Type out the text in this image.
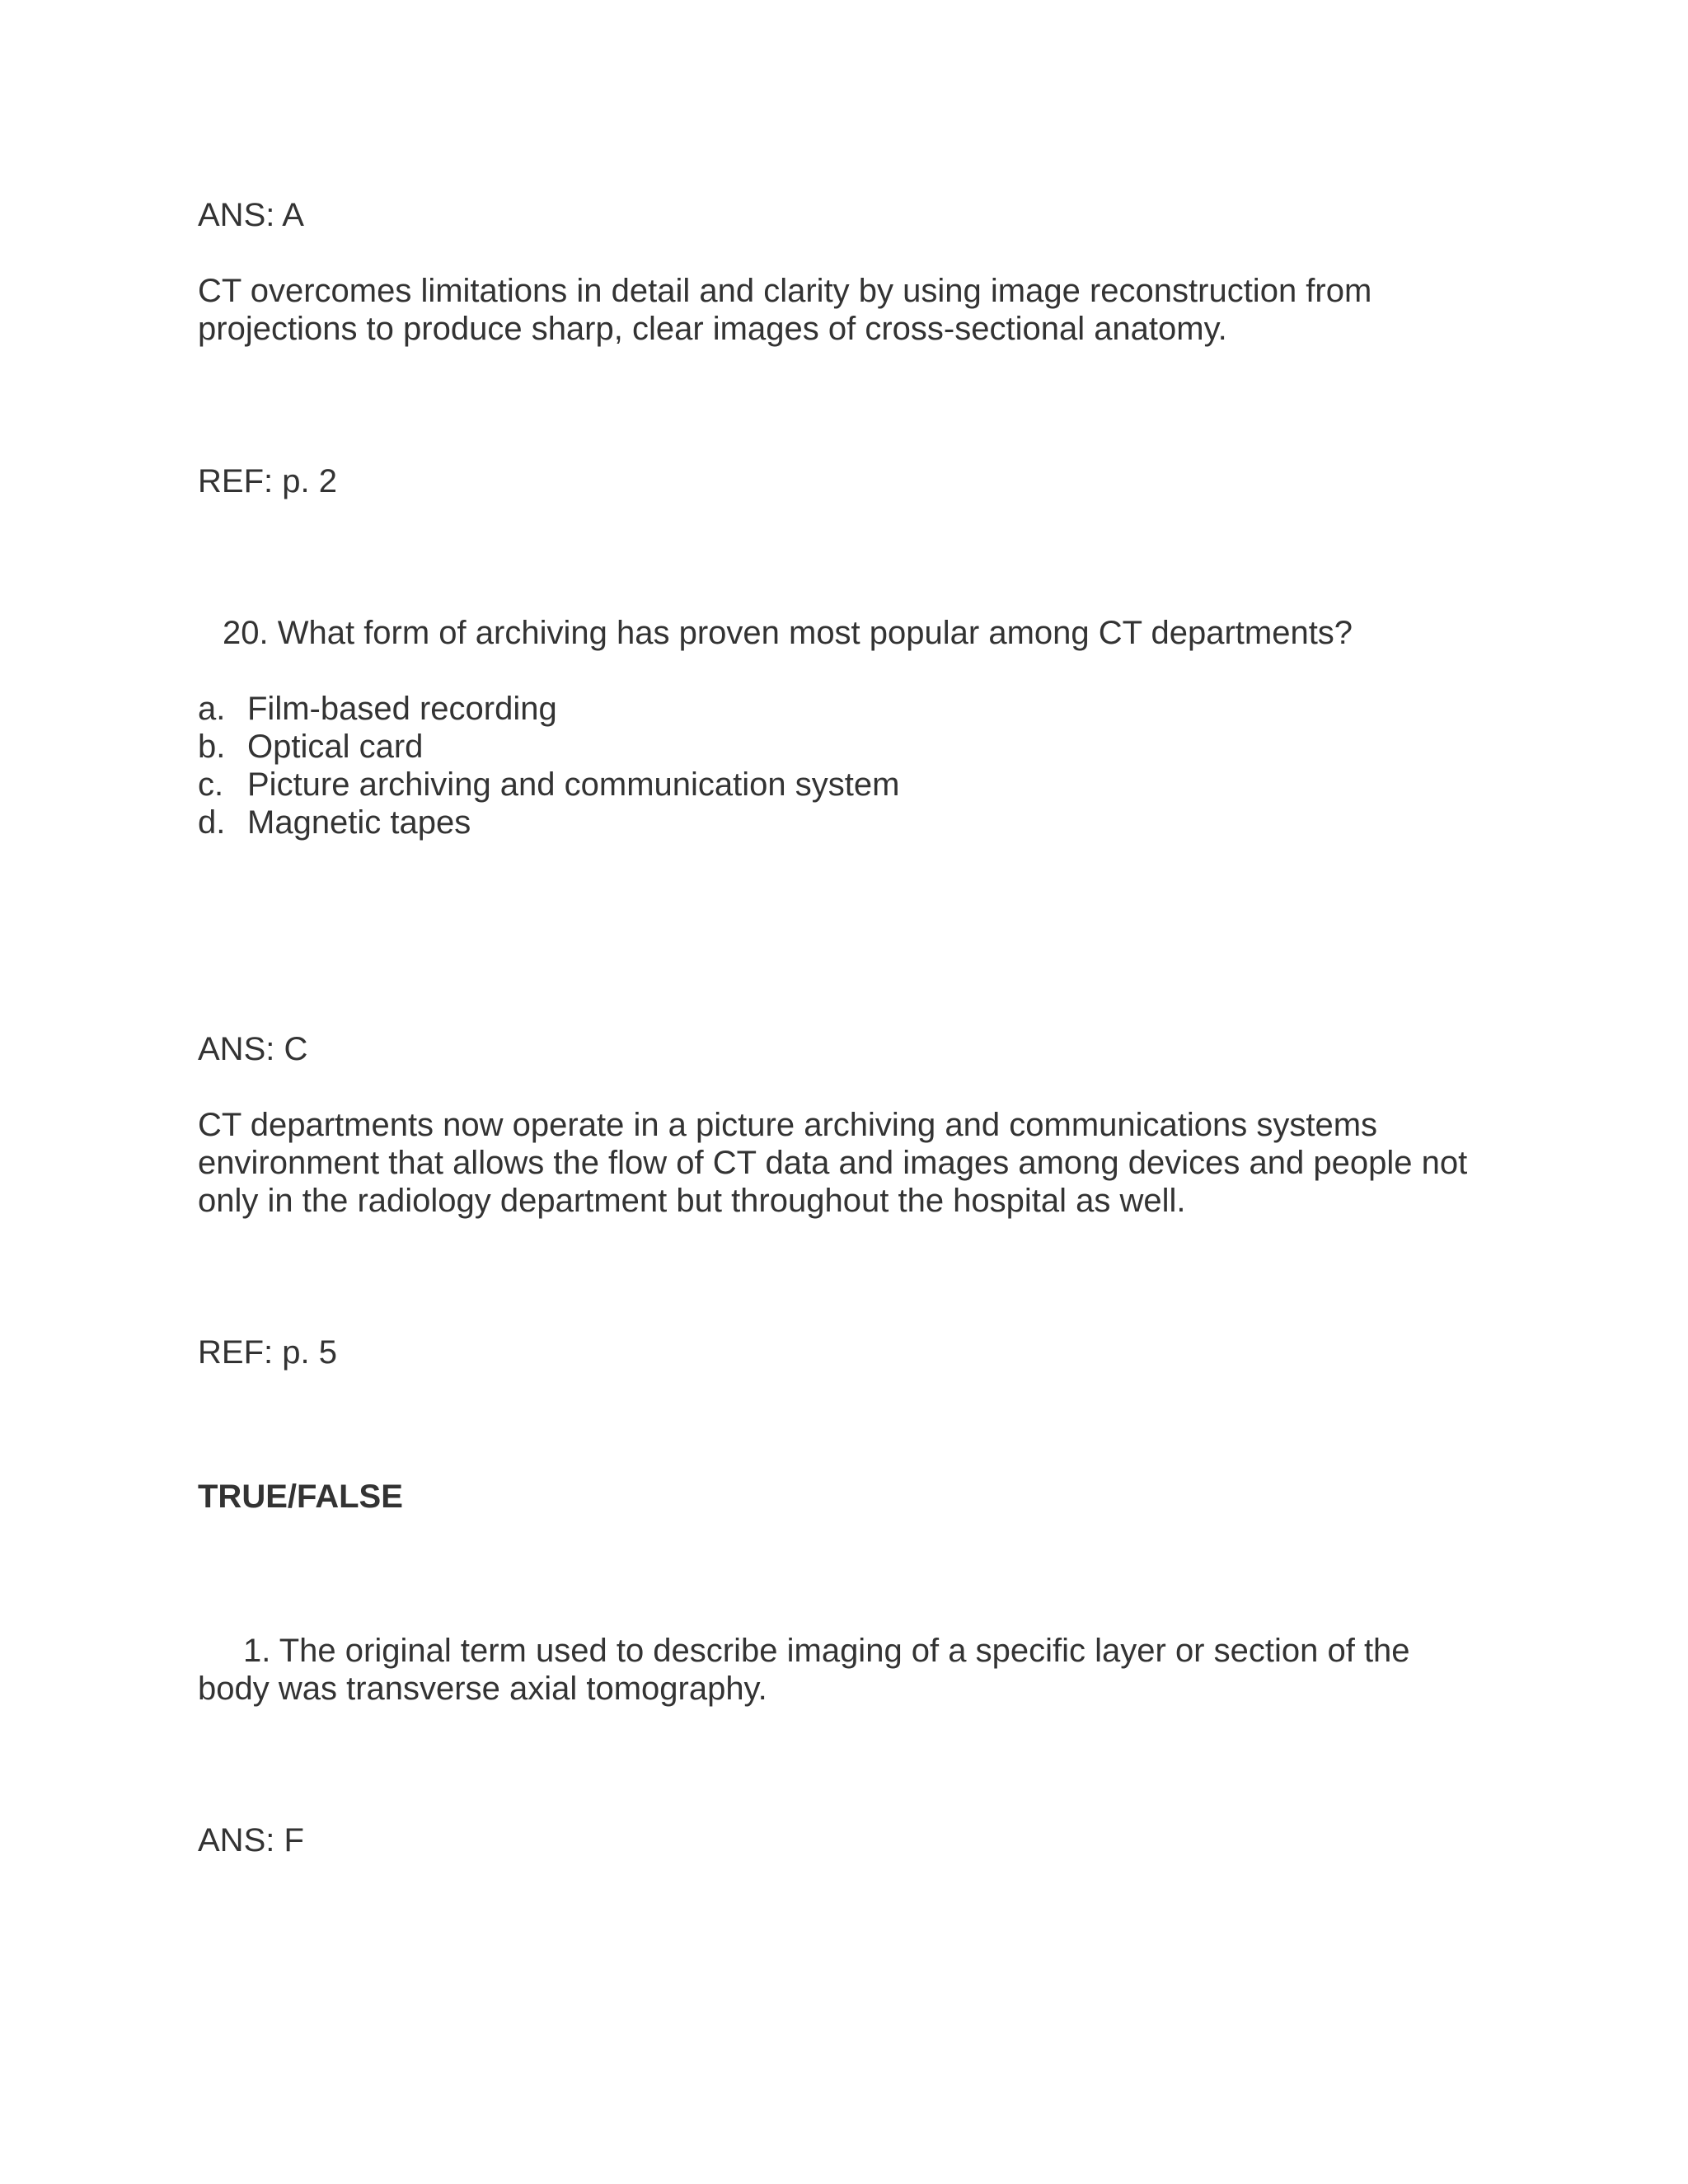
ANS: A
CT overcomes limitations in detail and clarity by using image reconstruction from
projections to produce sharp, clear images of cross-sectional anatomy.
REF: p. 2
20. What form of archiving has proven most popular among CT departments?
a. Film-based recording
b. Optical card
c. Picture archiving and communication system
d. Magnetic tapes
ANS: C
CT departments now operate in a picture archiving and communications systems
environment that allows the flow of CT data and images among devices and people not
only in the radiology department but throughout the hospital as well.
REF: p. 5
TRUE/FALSE
1. The original term used to describe imaging of a specific layer or section of the
body was transverse axial tomography.
ANS: F
